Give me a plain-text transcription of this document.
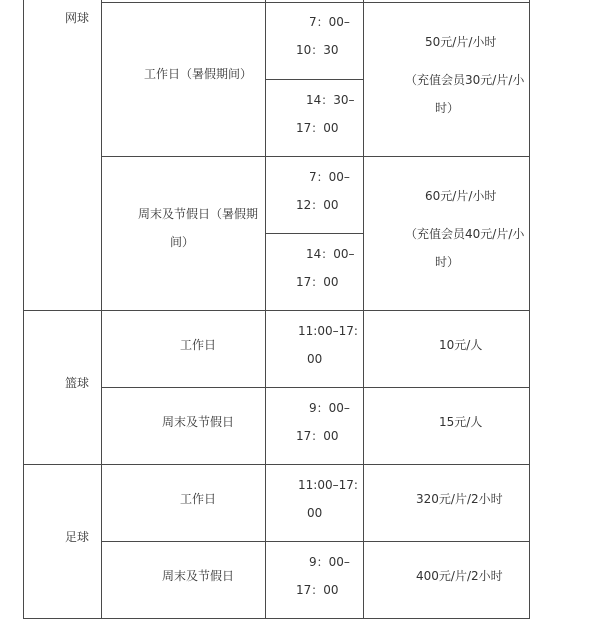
网球
工作日（暑假期间）
7：00–
10：30
14：30–
17：00
50元/片/小时
（充值会员30元/片/小
时）
周末及节假日（暑假期
间）
7：00–
12：00
14：00–
17：00
60元/片/小时
（充值会员40元/片/小
时）
篮球
工作日
11:00–17:
00
10元/人
周末及节假日
9：00–
17：00
15元/人
足球
工作日
11:00–17:
00
320元/片/2小时
周末及节假日
9：00–
17：00
400元/片/2小时
